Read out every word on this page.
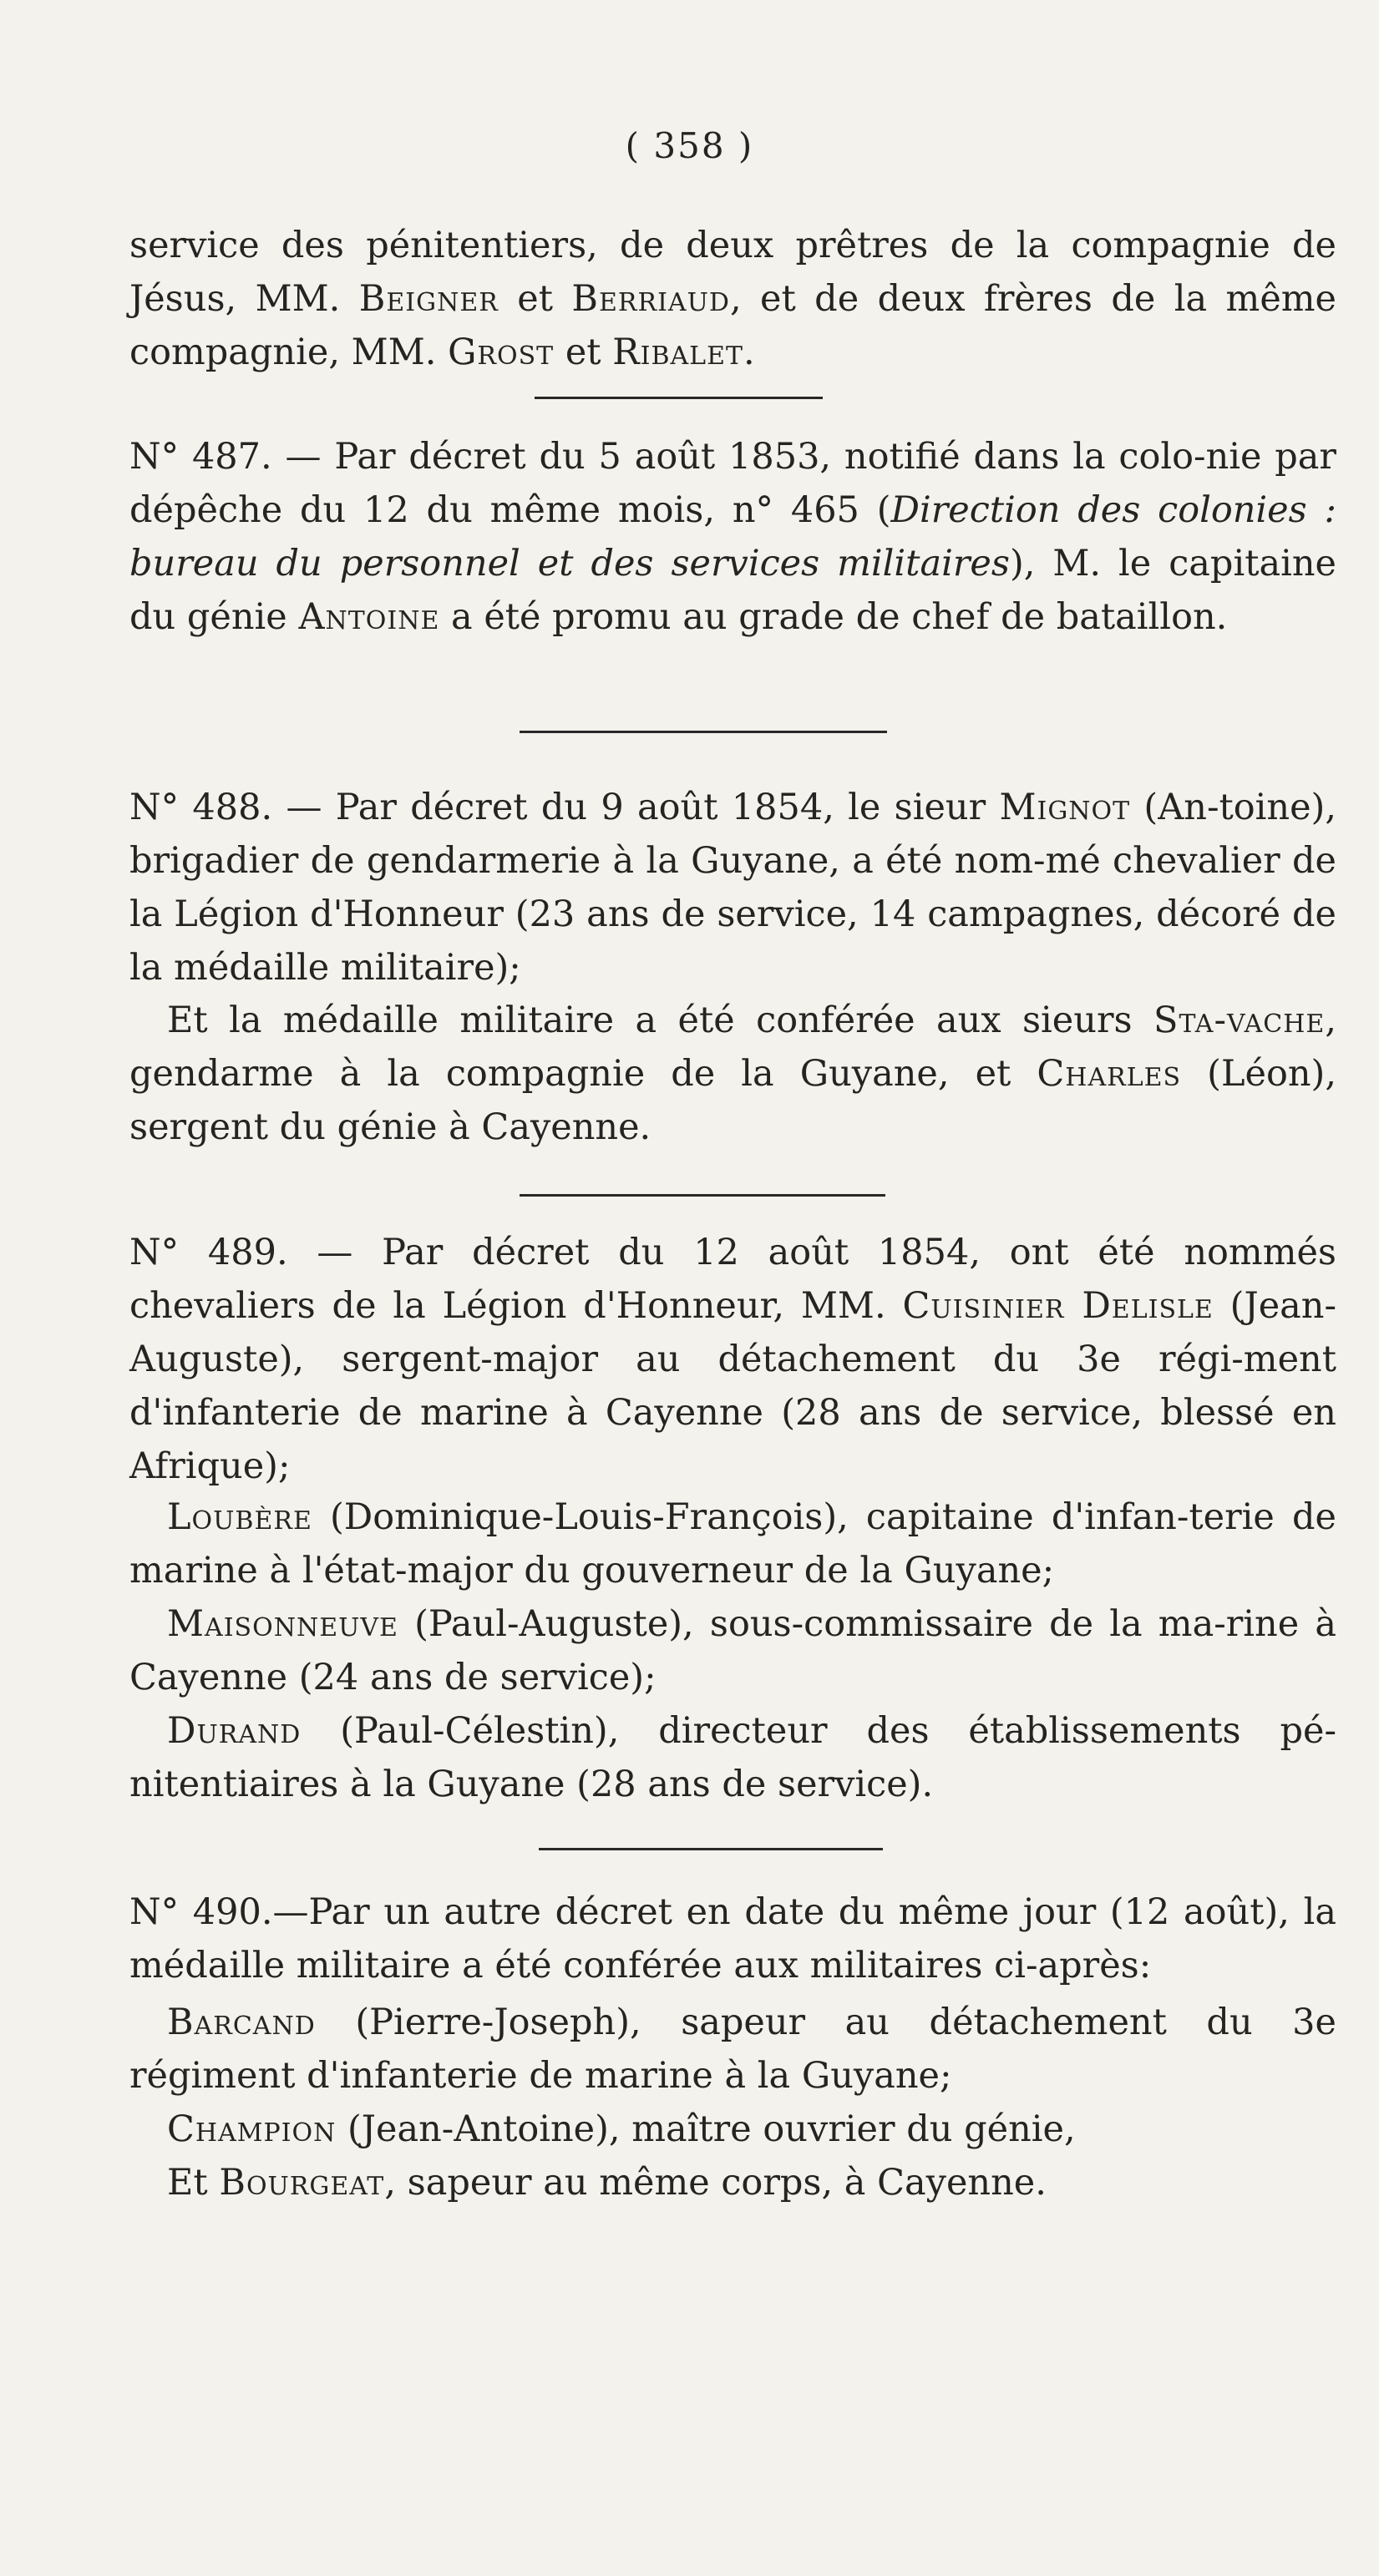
( 358 )

service des pénitentiers, de deux prêtres de la compagnie de Jésus, MM. Beigner et Berriaud, et de deux frères de la même compagnie, MM. Grost et Ribalet.

N° 487. — Par décret du 5 août 1853, notifié dans la colo-nie par dépêche du 12 du même mois, n° 465 (Direction des colonies : bureau du personnel et des services militaires), M. le capitaine du génie Antoine a été promu au grade de chef de bataillon.

N° 488. — Par décret du 9 août 1854, le sieur Mignot (An-toine), brigadier de gendarmerie à la Guyane, a été nom-mé chevalier de la Légion d'Honneur (23 ans de service, 14 campagnes, décoré de la médaille militaire);

Et la médaille militaire a été conférée aux sieurs Sta-vache, gendarme à la compagnie de la Guyane, et Charles (Léon), sergent du génie à Cayenne.

N° 489. — Par décret du 12 août 1854, ont été nommés chevaliers de la Légion d'Honneur, MM. Cuisinier Delisle (Jean-Auguste), sergent-major au détachement du 3e régi-ment d'infanterie de marine à Cayenne (28 ans de service, blessé en Afrique);

Loubère (Dominique-Louis-François), capitaine d'infan-terie de marine à l'état-major du gouverneur de la Guyane;

Maisonneuve (Paul-Auguste), sous-commissaire de la ma-rine à Cayenne (24 ans de service);

Durand (Paul-Célestin), directeur des établissements pé-nitentiaires à la Guyane (28 ans de service).

N° 490.—Par un autre décret en date du même jour (12 août), la médaille militaire a été conférée aux militaires ci-après:

Barcand (Pierre-Joseph), sapeur au détachement du 3e régiment d'infanterie de marine à la Guyane;

Champion (Jean-Antoine), maître ouvrier du génie,

Et Bourgeat, sapeur au même corps, à Cayenne.
